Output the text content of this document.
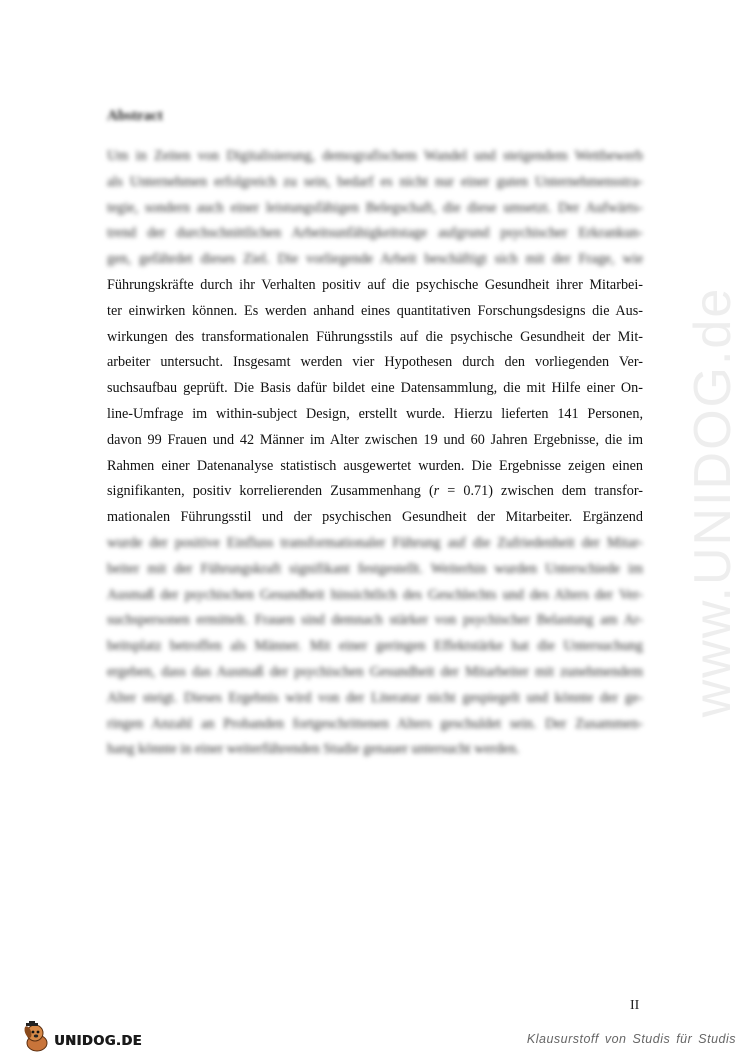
www.UNIDOG.de
Abstract
Um in Zeiten von Digitalisierung, demografischem Wandel und steigendem Wettbewerb
als Unternehmen erfolgreich zu sein, bedarf es nicht nur einer guten Unternehmensstra-
tegie, sondern auch einer leistungsfähigen Belegschaft, die diese umsetzt. Der Aufwärts-
trend der durchschnittlichen Arbeitsunfähigkeitstage aufgrund psychischer Erkrankun-
gen, gefährdet dieses Ziel. Die vorliegende Arbeit beschäftigt sich mit der Frage, wie
Führungskräfte durch ihr Verhalten positiv auf die psychische Gesundheit ihrer Mitarbei-
ter einwirken können. Es werden anhand eines quantitativen Forschungsdesigns die Aus-
wirkungen des transformationalen Führungsstils auf die psychische Gesundheit der Mit-
arbeiter untersucht. Insgesamt werden vier Hypothesen durch den vorliegenden Ver-
suchsaufbau geprüft. Die Basis dafür bildet eine Datensammlung, die mit Hilfe einer On-
line-Umfrage im within-subject Design, erstellt wurde. Hierzu lieferten 141 Personen,
davon 99 Frauen und 42 Männer im Alter zwischen 19 und 60 Jahren Ergebnisse, die im
Rahmen einer Datenanalyse statistisch ausgewertet wurden. Die Ergebnisse zeigen einen
signifikanten, positiv korrelierenden Zusammenhang (r = 0.71) zwischen dem transfor-
mationalen Führungsstil und der psychischen Gesundheit der Mitarbeiter. Ergänzend
wurde der positive Einfluss transformationaler Führung auf die Zufriedenheit der Mitar-
beiter mit der Führungskraft signifikant festgestellt. Weiterhin wurden Unterschiede im
Ausmaß der psychischen Gesundheit hinsichtlich des Geschlechts und des Alters der Ver-
suchspersonen ermittelt. Frauen sind demnach stärker von psychischer Belastung am Ar-
beitsplatz betroffen als Männer. Mit einer geringen Effektstärke hat die Untersuchung
ergeben, dass das Ausmaß der psychischen Gesundheit der Mitarbeiter mit zunehmendem
Alter steigt. Dieses Ergebnis wird von der Literatur nicht gespiegelt und könnte der ge-
ringen Anzahl an Probanden fortgeschrittenen Alters geschuldet sein. Der Zusammen-
hang könnte in einer weiterführenden Studie genauer untersucht werden.
II
UNIDOG.DE	Klausurstoff von Studis für Studis
